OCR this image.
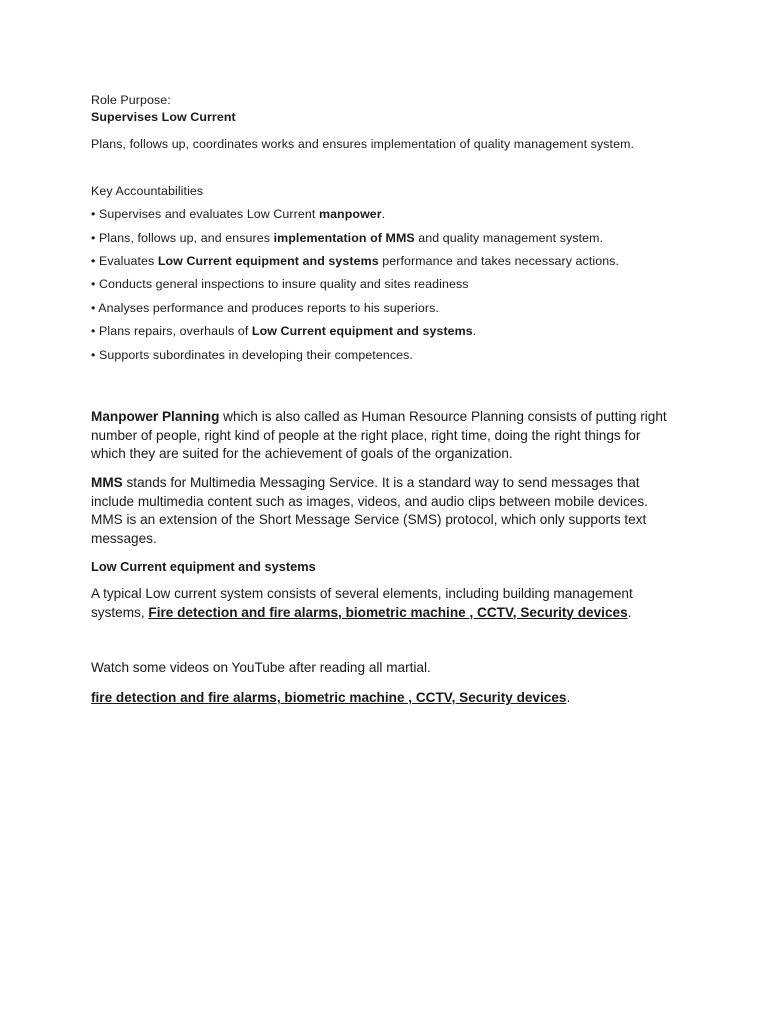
Role Purpose:
Supervises Low Current
Plans, follows up, coordinates works and ensures implementation of quality management system.
Key Accountabilities
• Supervises and evaluates Low Current manpower.
• Plans, follows up, and ensures implementation of MMS and quality management system.
• Evaluates Low Current equipment and systems performance and takes necessary actions.
• Conducts general inspections to insure quality and sites readiness
• Analyses performance and produces reports to his superiors.
• Plans repairs, overhauls of Low Current equipment and systems.
• Supports subordinates in developing their competences.
Manpower Planning which is also called as Human Resource Planning consists of putting right
number of people, right kind of people at the right place, right time, doing the right things for
which they are suited for the achievement of goals of the organization.
MMS stands for Multimedia Messaging Service. It is a standard way to send messages that
include multimedia content such as images, videos, and audio clips between mobile devices.
MMS is an extension of the Short Message Service (SMS) protocol, which only supports text
messages.
Low Current equipment and systems
A typical Low current system consists of several elements, including building management
systems, Fire detection and fire alarms, biometric machine , CCTV, Security devices.
Watch some videos on YouTube after reading all martial.
fire detection and fire alarms, biometric machine , CCTV, Security devices.
